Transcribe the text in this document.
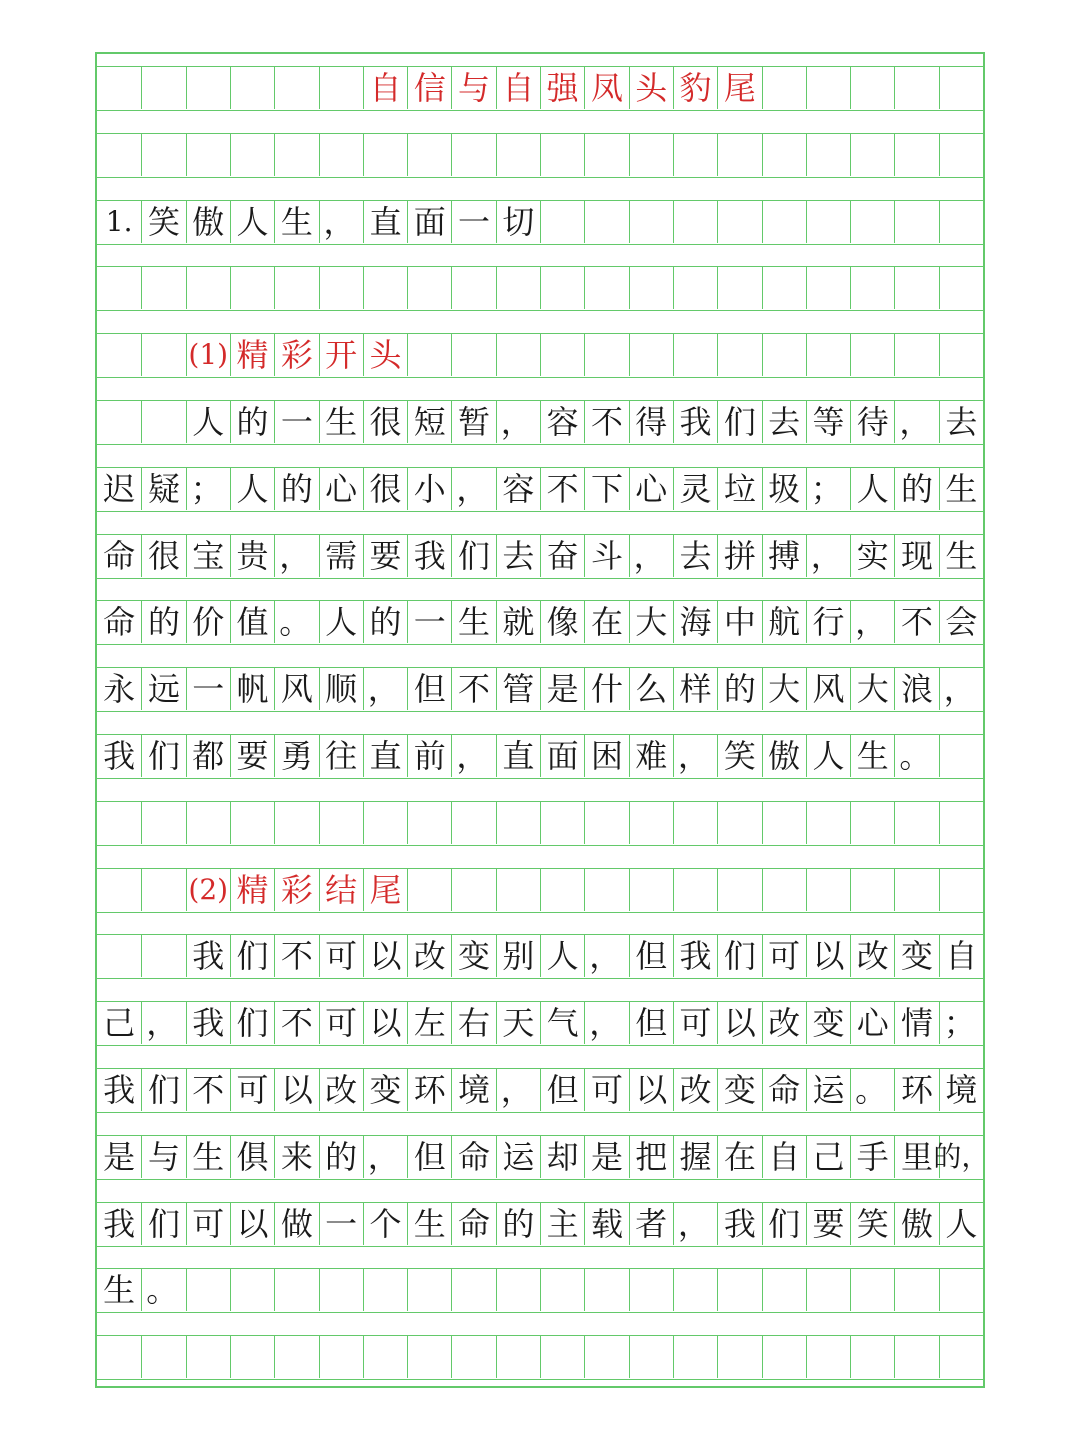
自 信 与 自 强 凤 头 豹 尾
1. 笑 傲 人 生 ， 直 面 一 切
(1) 精 彩 开 头
人 的 一 生 很 短 暂 ， 容 不 得 我 们 去 等 待 ， 去
迟 疑 ； 人 的 心 很 小 ， 容 不 下 心 灵 垃 圾 ； 人 的 生
命 很 宝 贵 ， 需 要 我 们 去 奋 斗 ， 去 拼 搏 ， 实 现 生
命 的 价 值 。 人 的 一 生 就 像 在 大 海 中 航 行 ， 不 会
永 远 一 帆 风 顺 ， 但 不 管 是 什 么 样 的 大 风 大 浪 ，
我 们 都 要 勇 往 直 前 ， 直 面 困 难 ， 笑 傲 人 生 。
(2) 精 彩 结 尾
我 们 不 可 以 改 变 别 人 ， 但 我 们 可 以 改 变 自
己 ， 我 们 不 可 以 左 右 天 气 ， 但 可 以 改 变 心 情 ；
我 们 不 可 以 改 变 环 境 ， 但 可 以 改 变 命 运 。 环 境
是 与 生 俱 来 的 ， 但 命 运 却 是 把 握 在 自 己 手 里 的，
我 们 可 以 做 一 个 生 命 的 主 载 者 ， 我 们 要 笑 傲 人
生 。
